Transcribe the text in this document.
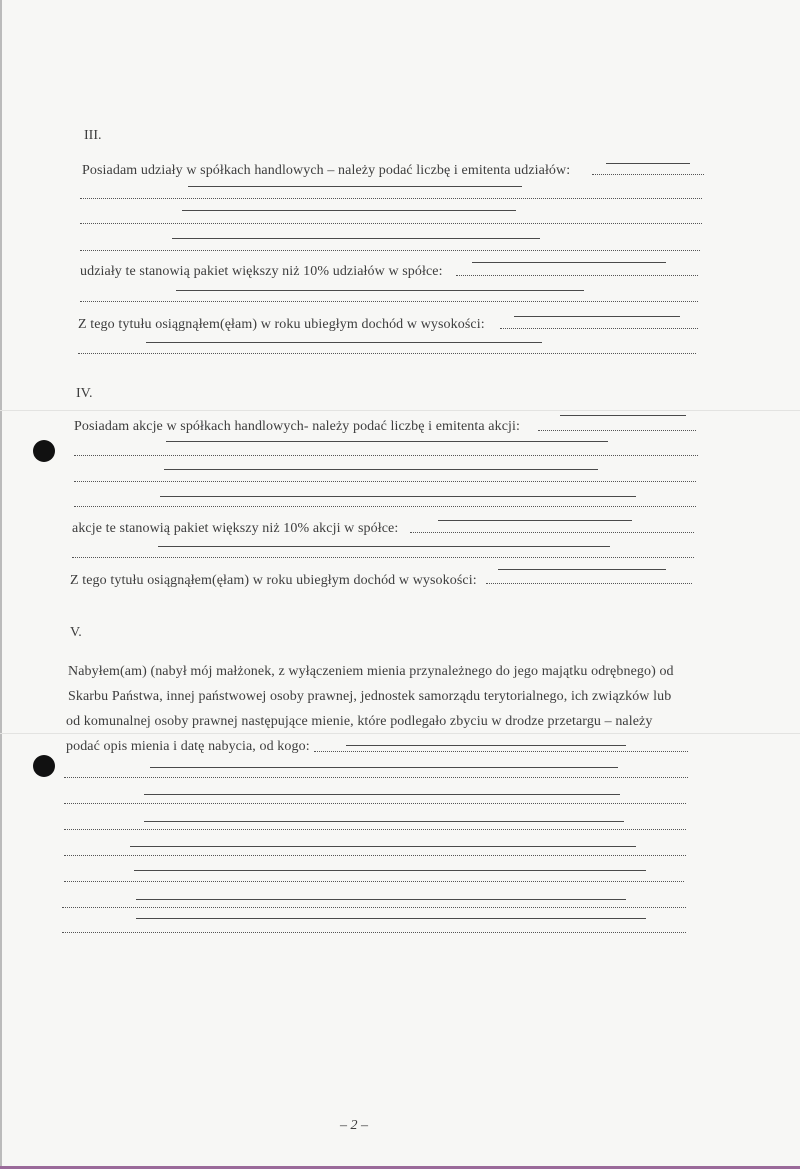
III.
Posiadam udziały w spółkach handlowych – należy podać liczbę i emitenta udziałów:
udziały te stanowią pakiet większy niż 10% udziałów w spółce:
Z tego tytułu osiągnąłem(ęłam) w roku ubiegłym dochód w wysokości:
IV.
Posiadam akcje w spółkach handlowych- należy podać liczbę i emitenta akcji:
akcje te stanowią pakiet większy niż 10% akcji w spółce:
Z tego tytułu osiągnąłem(ęłam) w roku ubiegłym dochód w wysokości:
V.
Nabyłem(am) (nabył mój małżonek, z wyłączeniem mienia przynależnego do jego majątku odrębnego) od
Skarbu Państwa, innej państwowej osoby prawnej, jednostek samorządu terytorialnego, ich związków lub
od komunalnej osoby prawnej następujące mienie, które podlegało zbyciu w drodze przetargu – należy
podać opis mienia i datę nabycia, od kogo:
– 2 –
